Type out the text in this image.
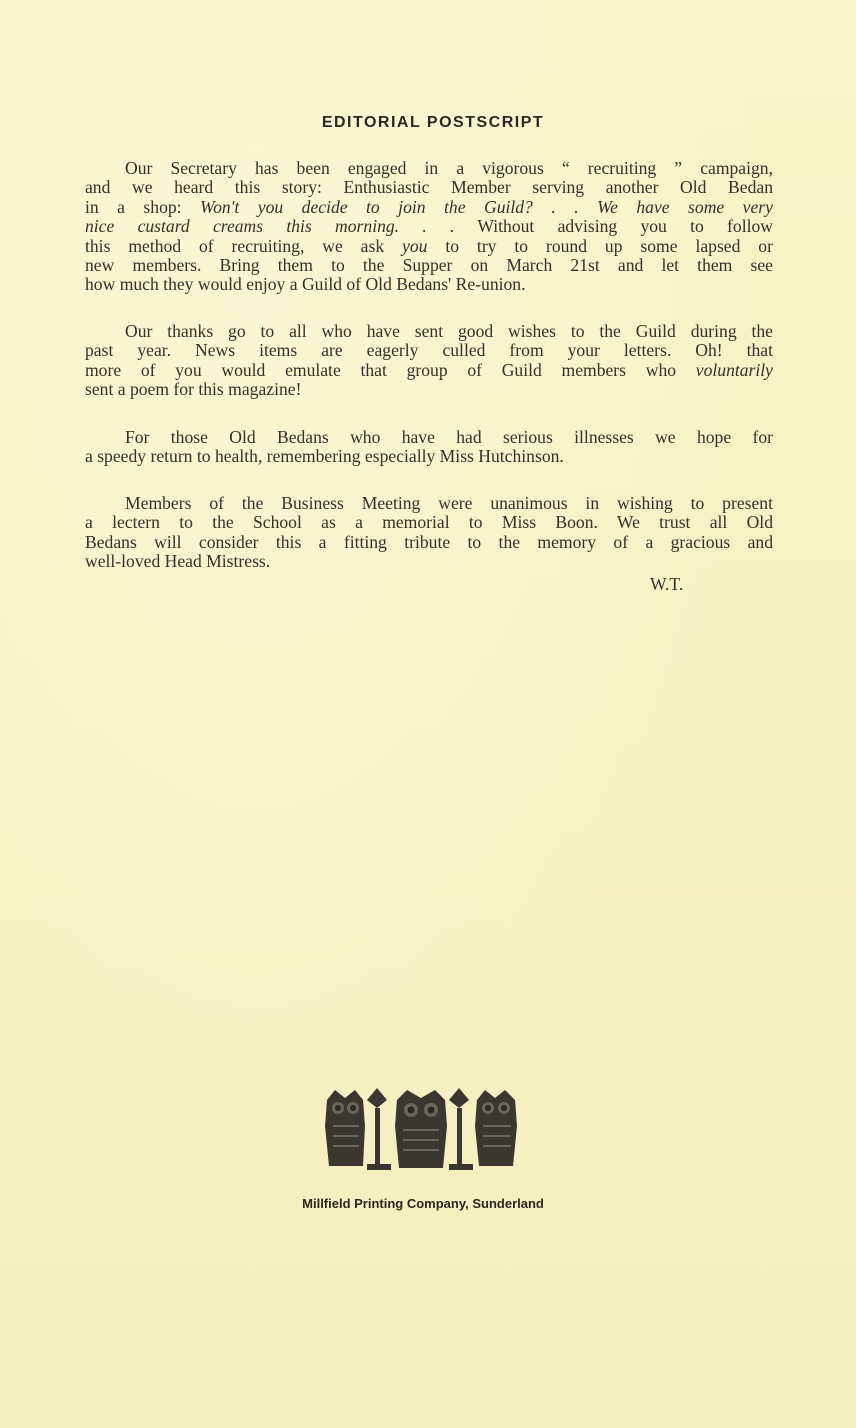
EDITORIAL POSTSCRIPT
Our Secretary has been engaged in a vigorous “ recruiting ” campaign,
and we heard this story: Enthusiastic Member serving another Old Bedan
in a shop: Won't you decide to join the Guild? . . We have some very
nice custard creams this morning. . . Without advising you to follow
this method of recruiting, we ask you to try to round up some lapsed or
new members. Bring them to the Supper on March 21st and let them see
how much they would enjoy a Guild of Old Bedans' Re-union.
Our thanks go to all who have sent good wishes to the Guild during the
past year. News items are eagerly culled from your letters. Oh! that
more of you would emulate that group of Guild members who voluntarily
sent a poem for this magazine!
For those Old Bedans who have had serious illnesses we hope for
a speedy return to health, remembering especially Miss Hutchinson.
Members of the Business Meeting were unanimous in wishing to present
a lectern to the School as a memorial to Miss Boon. We trust all Old
Bedans will consider this a fitting tribute to the memory of a gracious and
well-loved Head Mistress.
W.T.
Millfield Printing Company, Sunderland
